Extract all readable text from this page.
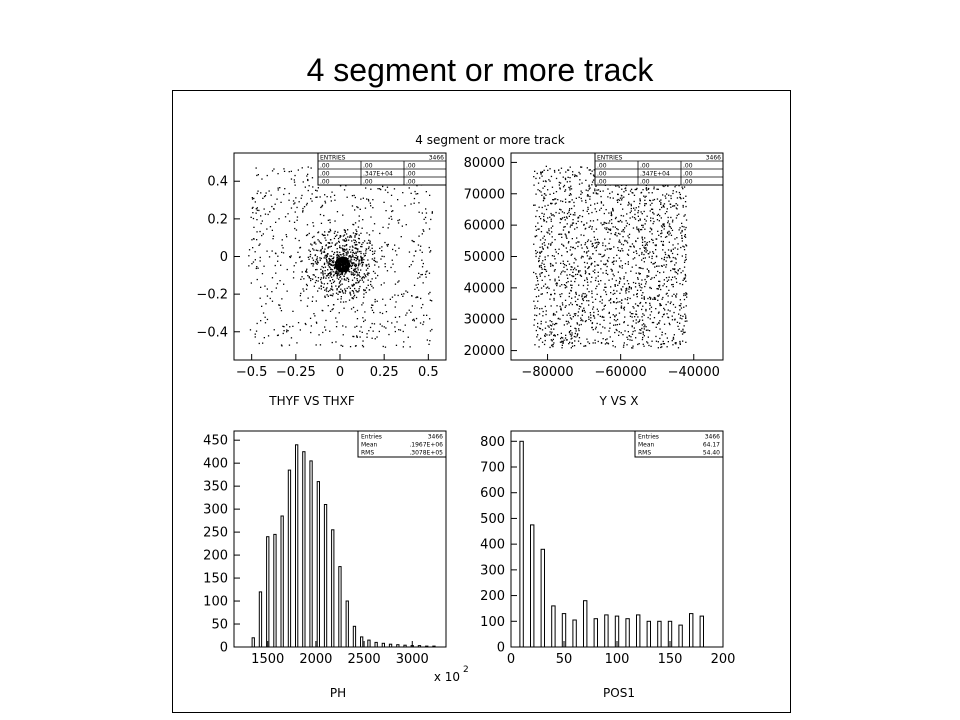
4 segment or more track
4 segment or more track
−0.5 −0.25 0 0.25 0.5
−0.4
−0.2
0
0.2
0.4
ENTRIES	3466
.00	.00	.00
.00	.347E+04 .00
.00	.00	.00
THYF VS THXF
−80000 −60000 −40000
20000
30000
40000
50000
60000
70000
80000	ENTRIES	3466
.00	.00	.00
.00	.347E+04 .00
.00	.00	.00
Y VS X
1500 2000 2500 3000
0
50
100
150
200
250
300
350
400
450	Entries	3466
Mean	.1967E+06
RMS	.3078E+05
x 10 2
PH
0	50 100 150 200
0
100
200
300
400
500
600
700
800	Entries	3466
Mean	64.17
RMS	54.40
POS1
